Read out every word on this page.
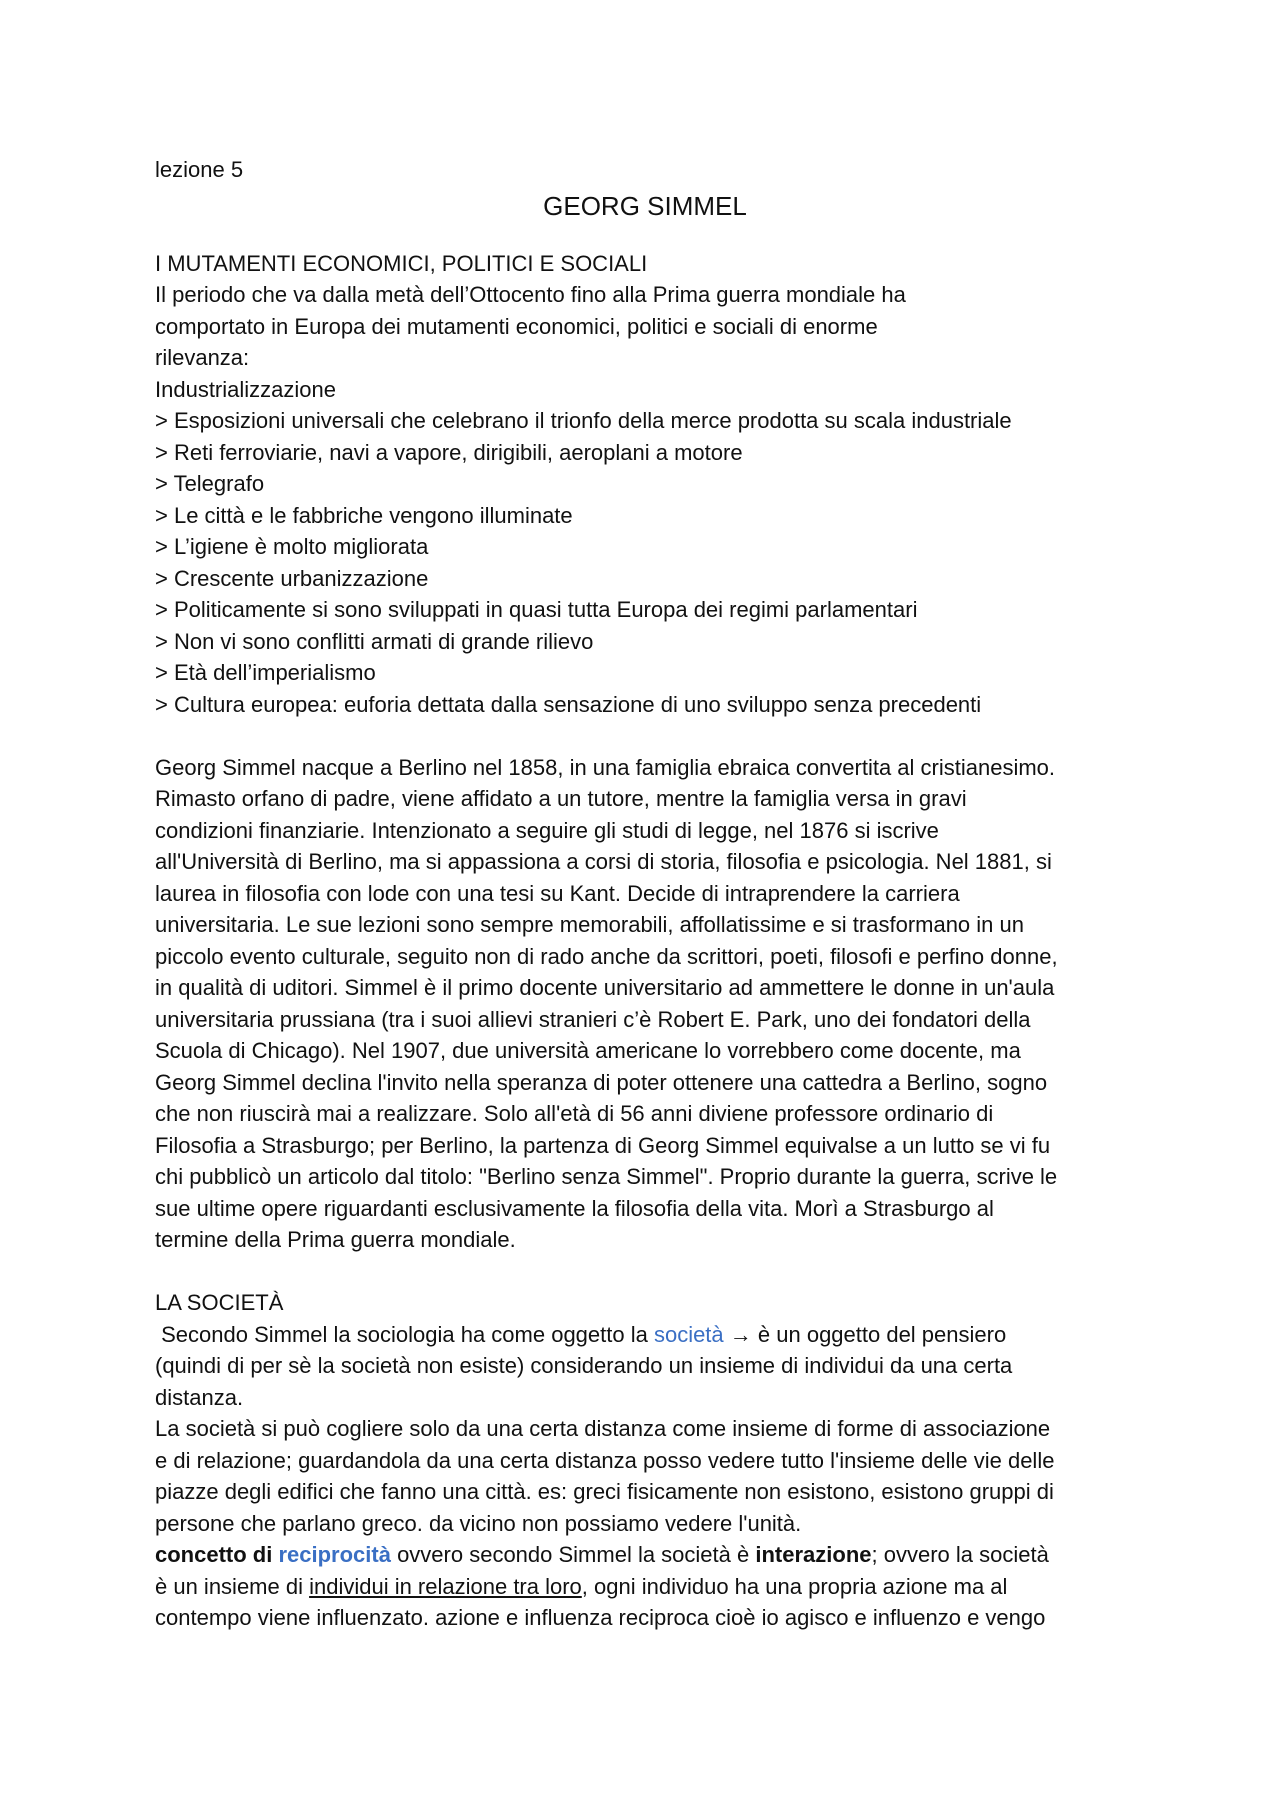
lezione 5
GEORG SIMMEL
I MUTAMENTI ECONOMICI, POLITICI E SOCIALI
Il periodo che va dalla metà dell’Ottocento fino alla Prima guerra mondiale ha
comportato in Europa dei mutamenti economici, politici e sociali di enorme
rilevanza:
Industrializzazione
> Esposizioni universali che celebrano il trionfo della merce prodotta su scala industriale
> Reti ferroviarie, navi a vapore, dirigibili, aeroplani a motore
> Telegrafo
> Le città e le fabbriche vengono illuminate
> L’igiene è molto migliorata
> Crescente urbanizzazione
> Politicamente si sono sviluppati in quasi tutta Europa dei regimi parlamentari
> Non vi sono conflitti armati di grande rilievo
> Età dell’imperialismo
> Cultura europea: euforia dettata dalla sensazione di uno sviluppo senza precedenti
Georg Simmel nacque a Berlino nel 1858, in una famiglia ebraica convertita al cristianesimo.
Rimasto orfano di padre, viene affidato a un tutore, mentre la famiglia versa in gravi
condizioni finanziarie. Intenzionato a seguire gli studi di legge, nel 1876 si iscrive
all'Università di Berlino, ma si appassiona a corsi di storia, filosofia e psicologia. Nel 1881, si
laurea in filosofia con lode con una tesi su Kant. Decide di intraprendere la carriera
universitaria. Le sue lezioni sono sempre memorabili, affollatissime e si trasformano in un
piccolo evento culturale, seguito non di rado anche da scrittori, poeti, filosofi e perfino donne,
in qualità di uditori. Simmel è il primo docente universitario ad ammettere le donne in un'aula
universitaria prussiana (tra i suoi allievi stranieri c’è Robert E. Park, uno dei fondatori della
Scuola di Chicago). Nel 1907, due università americane lo vorrebbero come docente, ma
Georg Simmel declina l'invito nella speranza di poter ottenere una cattedra a Berlino, sogno
che non riuscirà mai a realizzare. Solo all'età di 56 anni diviene professore ordinario di
Filosofia a Strasburgo; per Berlino, la partenza di Georg Simmel equivalse a un lutto se vi fu
chi pubblicò un articolo dal titolo: "Berlino senza Simmel". Proprio durante la guerra, scrive le
sue ultime opere riguardanti esclusivamente la filosofia della vita. Morì a Strasburgo al
termine della Prima guerra mondiale.
LA SOCIETÀ
Secondo Simmel la sociologia ha come oggetto la società → è un oggetto del pensiero
(quindi di per sè la società non esiste) considerando un insieme di individui da una certa
distanza.
La società si può cogliere solo da una certa distanza come insieme di forme di associazione
e di relazione; guardandola da una certa distanza posso vedere tutto l'insieme delle vie delle
piazze degli edifici che fanno una città. es: greci fisicamente non esistono, esistono gruppi di
persone che parlano greco. da vicino non possiamo vedere l'unità.
concetto di reciprocità ovvero secondo Simmel la società è interazione; ovvero la società
è un insieme di individui in relazione tra loro, ogni individuo ha una propria azione ma al
contempo viene influenzato. azione e influenza reciproca cioè io agisco e influenzo e vengo
